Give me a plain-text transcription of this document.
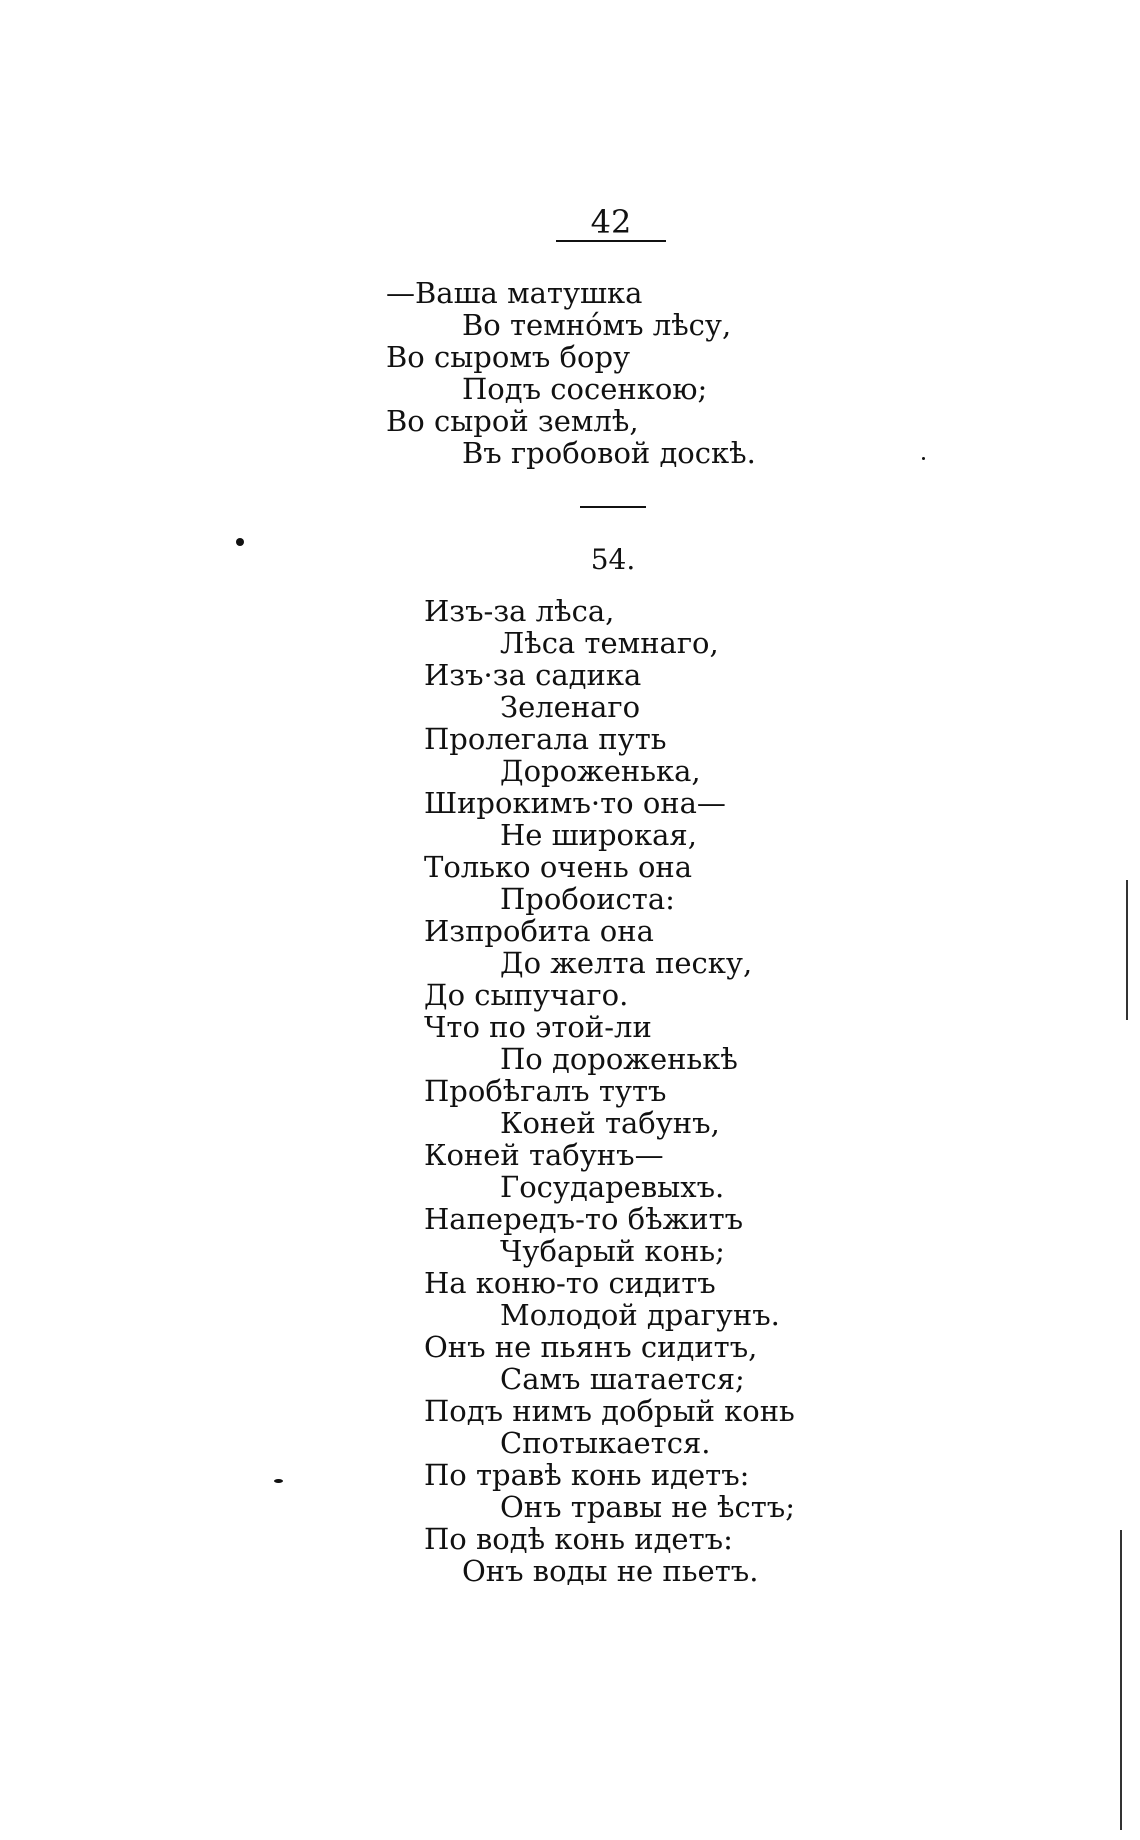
42

—Ваша матушка

Во темнóмъ лѣсу,

Во сыромъ бору

Подъ сосенкою;

Во сырой землѣ,

Въ гробовой доскѣ.

54.

Изъ-за лѣса,

Лѣса темнаго,

Изъ·за садика

Зеленаго

Пролегала путь

Дороженька,

Широкимъ·то она—

Не широкая,

Только очень она

Пробоиста:

Изпробита она

До желта песку,

До сыпучаго.

Что по этой-ли

По дороженькѣ

Пробѣгалъ тутъ

Коней табунъ,

Коней табунъ—

Государевыхъ.

Напередъ-то бѣжитъ

Чубарый конь;

На коню-то сидитъ

Молодой драгунъ.

Онъ не пьянъ сидитъ,

Самъ шатается;

Подъ нимъ добрый конь

Спотыкается.

По травѣ конь идетъ:

Онъ травы не ѣстъ;

По водѣ конь идетъ:

Онъ воды не пьетъ.
